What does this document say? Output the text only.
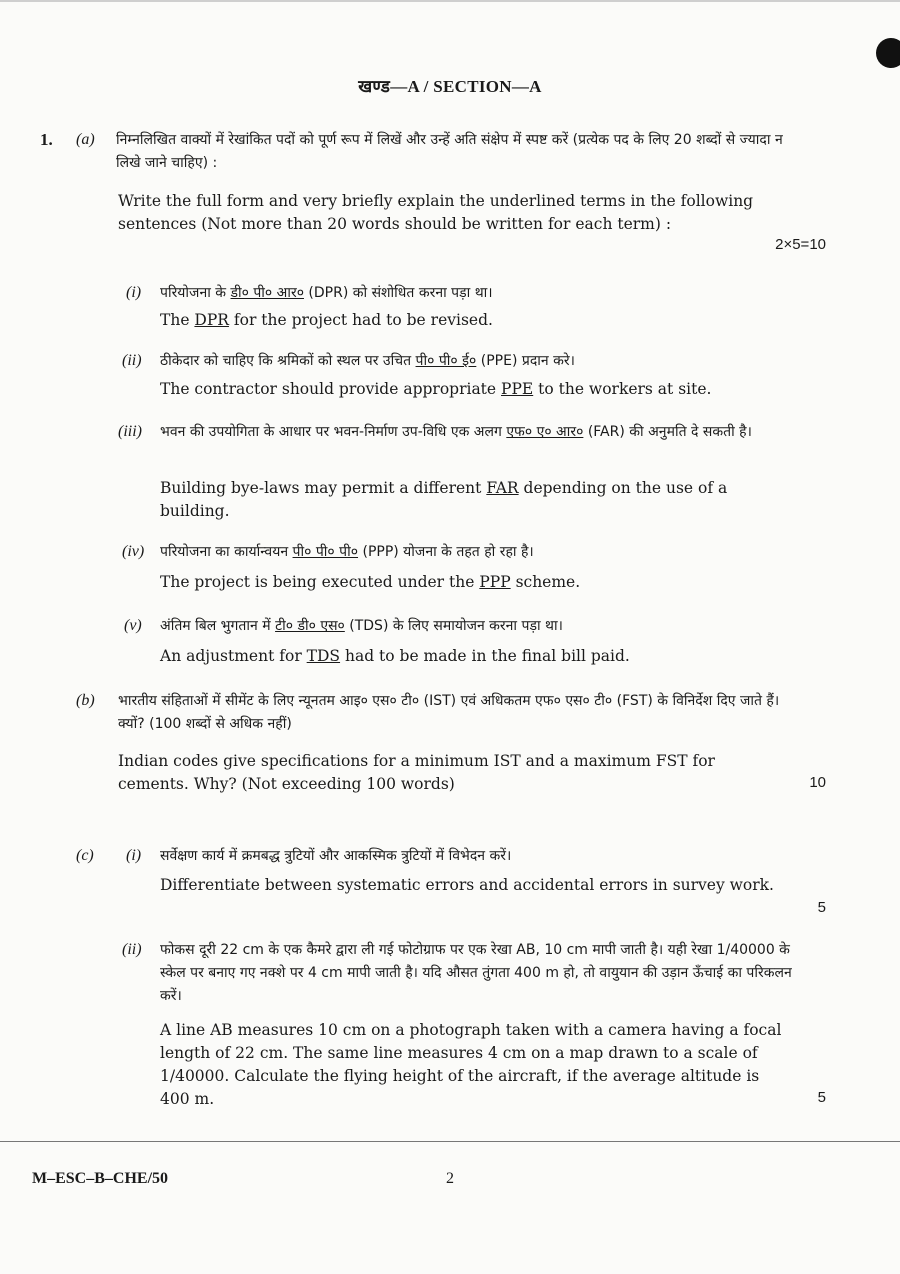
खण्ड—A / SECTION—A
1. (a) निम्नलिखित वाक्यों में रेखांकित पदों को पूर्ण रूप में लिखें और उन्हें अति संक्षेप में स्पष्ट करें (प्रत्येक पद के लिए 20 शब्दों से ज्यादा न लिखे जाने चाहिए) :
Write the full form and very briefly explain the underlined terms in the following sentences (Not more than 20 words should be written for each term) :
2×5=10
(i) परियोजना के डी० पी० आर० (DPR) को संशोधित करना पड़ा था।
The DPR for the project had to be revised.
(ii) ठीकेदार को चाहिए कि श्रमिकों को स्थल पर उचित पी० पी० ई० (PPE) प्रदान करे।
The contractor should provide appropriate PPE to the workers at site.
(iii) भवन की उपयोगिता के आधार पर भवन-निर्माण उप-विधि एक अलग एफ० ए० आर० (FAR) की अनुमति दे सकती है।
Building bye-laws may permit a different FAR depending on the use of a building.
(iv) परियोजना का कार्यान्वयन पी० पी० पी० (PPP) योजना के तहत हो रहा है।
The project is being executed under the PPP scheme.
(v) अंतिम बिल भुगतान में टी० डी० एस० (TDS) के लिए समायोजन करना पड़ा था।
An adjustment for TDS had to be made in the final bill paid.
(b) भारतीय संहिताओं में सीमेंट के लिए न्यूनतम आइ० एस० टी० (IST) एवं अधिकतम एफ० एस० टी० (FST) के विनिर्देश दिए जाते हैं। क्यों? (100 शब्दों से अधिक नहीं)
Indian codes give specifications for a minimum IST and a maximum FST for cements. Why? (Not exceeding 100 words)	10
(c) (i) सर्वेक्षण कार्य में क्रमबद्ध त्रुटियों और आकस्मिक त्रुटियों में विभेदन करें।
Differentiate between systematic errors and accidental errors in survey work.
5
(ii) फोकस दूरी 22 cm के एक कैमरे द्वारा ली गई फोटोग्राफ पर एक रेखा AB, 10 cm मापी जाती है। यही रेखा 1/40000 के स्केल पर बनाए गए नक्शे पर 4 cm मापी जाती है। यदि औसत तुंगता 400 m हो, तो वायुयान की उड़ान ऊँचाई का परिकलन करें।
A line AB measures 10 cm on a photograph taken with a camera having a focal length of 22 cm. The same line measures 4 cm on a map drawn to a scale of 1/40000. Calculate the flying height of the aircraft, if the average altitude is 400 m.	5
M–ESC–B–CHE/50	2
